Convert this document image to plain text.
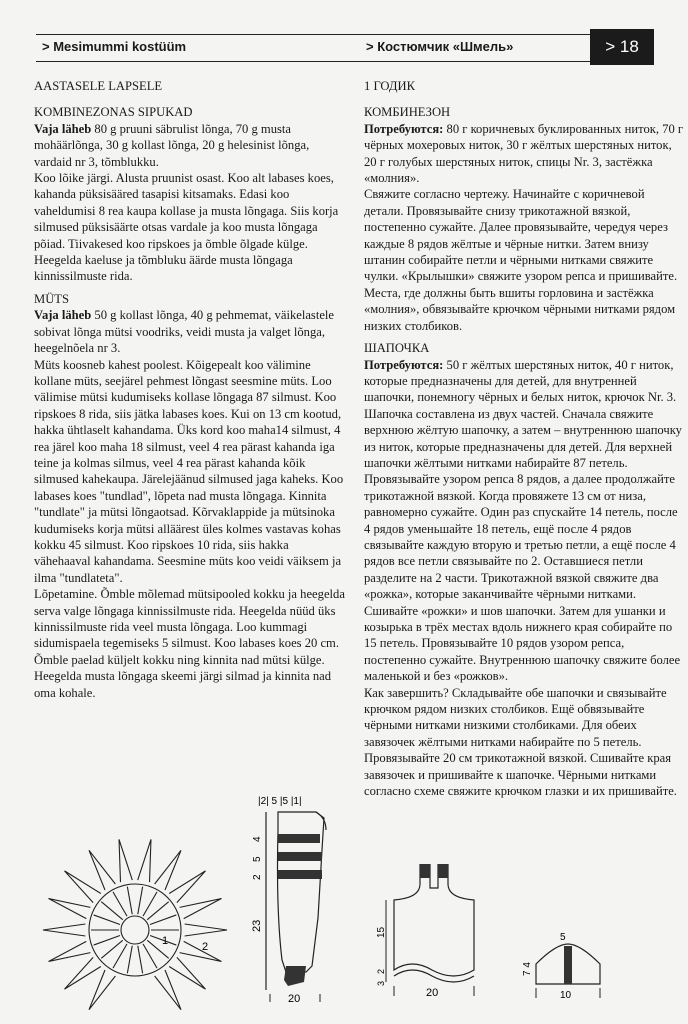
> Mesimummi kostüüm	> Костюмчик «Шмель»	> 18

AASTASELE LAPSELE

KOMBINEZONAS SIPUKAD

Vaja läheb 80 g pruuni säbrulist lõnga, 70 g musta mohäärlõnga, 30 g kollast lõnga, 20 g helesinist lõnga, vardaid nr 3, tõmblukku.

Koo lõike järgi. Alusta pruunist osast. Koo alt labases koes, kahanda püksisääred tasapisi kitsamaks. Edasi koo vaheldumisi 8 rea kaupa kollase ja musta lõngaga. Siis korja silmused püksisäärte otsas vardale ja koo musta lõngaga põiad. Tiivakesed koo ripskoes ja õmble õlgade külge. Heegelda kaeluse ja tõmbluku äärde musta lõngaga kinnissilmuste rida.

MÜTS

Vaja läheb 50 g kollast lõnga, 40 g pehmemat, väikelastele sobivat lõnga mütsi voodriks, veidi musta ja valget lõnga, heegelnõela nr 3.

Müts koosneb kahest poolest. Kõigepealt koo välimine kollane müts, seejärel pehmest lõngast seesmine müts. Loo välimise mütsi kudumiseks kollase lõngaga 87 silmust. Koo ripskoes 8 rida, siis jätka labases koes. Kui on 13 cm kootud, hakka ühtlaselt kahandama. Üks kord koo maha14 silmust, 4 rea järel koo maha 18 silmust, veel 4 rea pärast kahanda iga teine ja kolmas silmus, veel 4 rea pärast kahanda kõik silmused kahekaupa. Järelejäänud silmused jaga kaheks. Koo labases koes "tundlad", lõpeta nad musta lõngaga. Kinnita "tundlate" ja mütsi lõngaotsad. Kõrvaklappide ja mütsinoka kudumiseks korja mütsi alläärest üles kolmes vastavas kohas kokku 45 silmust. Koo ripskoes 10 rida, siis hakka vähehaaval kahandama. Seesmine müts koo veidi väiksem ja ilma "tundlateta".

Lõpetamine. Õmble mõlemad mütsipooled kokku ja heegelda serva valge lõngaga kinnissilmuste rida. Heegelda nüüd üks kinnissilmuste rida veel musta lõngaga. Loo kummagi sidumispaela tegemiseks 5 silmust. Koo labases koes 20 cm.

Õmble paelad küljelt kokku ning kinnita nad mütsi külge. Heegelda musta lõngaga skeemi järgi silmad ja kinnita nad oma kohale.

1 ГОДИК

КОМБИНЕЗОН

Потребуются: 80 г коричневых буклированных ниток, 70 г чёрных мохеровых ниток, 30 г жёлтых шерстяных ниток, 20 г голубых шерстяных ниток, спицы Nr. 3, застёжка «молния».

Свяжите согласно чертежу. Начинайте с коричневой детали. Провязывайте снизу трикотажной вязкой, постепенно сужайте. Далее провязывайте, чередуя через каждые 8 рядов жёлтые и чёрные нитки. Затем внизу штанин собирайте петли и чёрными нитками свяжите чулки. «Крылышки» свяжите узором репса и пришивайте. Места, где должны быть вшиты горловина и застёжка «молния», обвязывайте крючком чёрными нитками рядом низких столбиков.

ШАПОЧКА

Потребуются: 50 г жёлтых шерстяных ниток, 40 г ниток, которые предназначены для детей, для внутренней шапочки, понемногу чёрных и белых ниток, крючок Nr. 3.

Шапочка составлена из двух частей. Сначала свяжите верхнюю жёлтую шапочку, а затем – внутреннюю шапочку из ниток, которые предназначены для детей. Для верхней шапочки жёлтыми нитками набирайте 87 петель. Провязывайте узором репса 8 рядов, а далее продолжайте трикотажной вязкой. Когда провяжете 13 см от низа, равномерно сужайте. Один раз спускайте 14 петель, после 4 рядов уменьшайте 18 петель, ещё после 4 рядов связывайте каждую вторую и третью петли, а ещё после 4 рядов все петли связывайте по 2. Оставшиеся петли разделите на 2 части. Трикотажной вязкой свяжите два «рожка», которые заканчивайте чёрными нитками. Сшивайте «рожки» и шов шапочки. Затем для ушанки и козырька в трёх местах вдоль нижнего края собирайте по 15 петель. Провязывайте 10 рядов узором репса, постепенно сужайте. Внутреннюю шапочку свяжите более маленькой и без «рожков».

Как завершить? Складывайте обе шапочки и связывайте крючком рядом низких столбиков. Ещё обвязывайте чёрными нитками низкими столбиками. Для обеих завязочек жёлтыми нитками набирайте по 5 петель. Провязывайте 20 см трикотажной вязкой. Сшивайте края завязочек и пришивайте к шапочке. Чёрными нитками согласно схеме свяжите крючком глазки и их пришивайте.

1	2
|2| 5 |5 |1|
4
5
2
23
20
15
2
3
20
5
7 4
10
